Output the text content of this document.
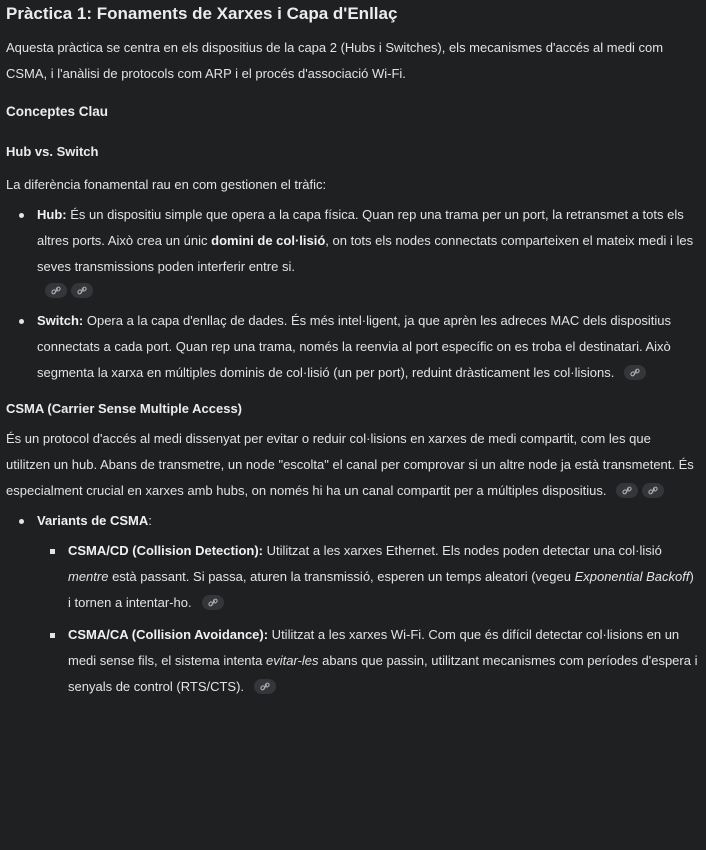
Pràctica 1: Fonaments de Xarxes i Capa d'Enllaç

Aquesta pràctica se centra en els dispositius de la capa 2 (Hubs i Switches), els mecanismes d'accés al medi com CSMA, i l'anàlisi de protocols com ARP i el procés d'associació Wi-Fi.

Conceptes Clau
Hub vs. Switch

La diferència fonamental rau en com gestionen el tràfic:

Hub: És un dispositiu simple que opera a la capa física. Quan rep una trama per un port, la retransmet a tots els altres ports. Això crea un únic domini de col·lisió, on tots els nodes connectats comparteixen el mateix medi i les seves transmissions poden interferir entre si.
Switch: Opera a la capa d'enllaç de dades. És més intel·ligent, ja que aprèn les adreces MAC dels dispositius connectats a cada port. Quan rep una trama, només la reenvia al port específic on es troba el destinatari. Això segmenta la xarxa en múltiples dominis de col·lisió (un per port), reduint dràsticament les col·lisions.
CSMA (Carrier Sense Multiple Access)

És un protocol d'accés al medi dissenyat per evitar o reduir col·lisions en xarxes de medi compartit, com les que utilitzen un hub. Abans de transmetre, un node "escolta" el canal per comprovar si un altre node ja està transmetent. És especialment crucial en xarxes amb hubs, on només hi ha un canal compartit per a múltiples dispositius.

Variants de CSMA:
CSMA/CD (Collision Detection): Utilitzat a les xarxes Ethernet. Els nodes poden detectar una col·lisió mentre està passant. Si passa, aturen la transmissió, esperen un temps aleatori (vegeu Exponential Backoff) i tornen a intentar-ho.
CSMA/CA (Collision Avoidance): Utilitzat a les xarxes Wi-Fi. Com que és difícil detectar col·lisions en un medi sense fils, el sistema intenta evitar-les abans que passin, utilitzant mecanismes com períodes d'espera i senyals de control (RTS/CTS).
